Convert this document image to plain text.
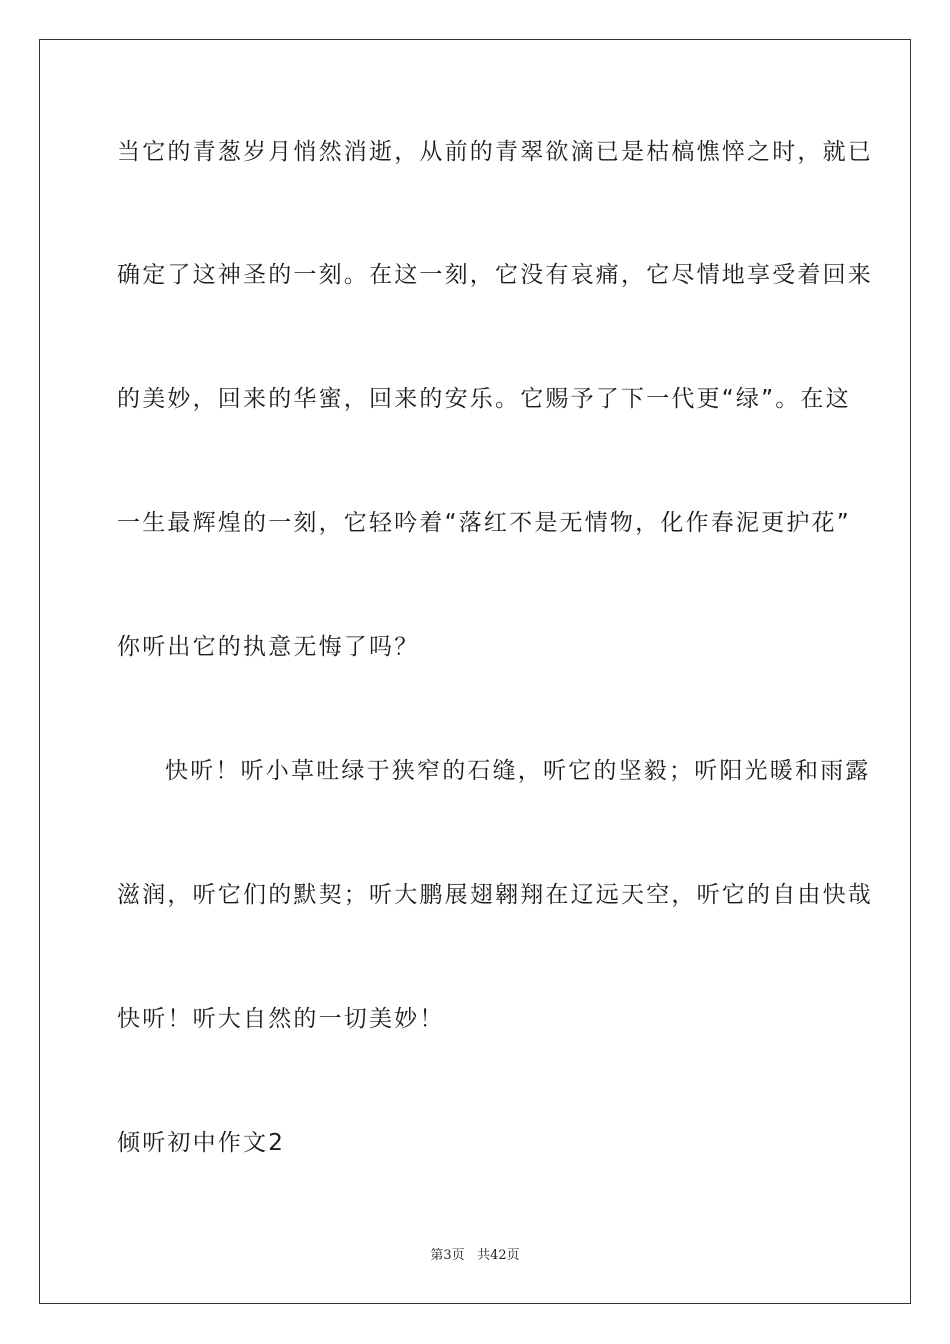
当它的青葱岁月悄然消逝，从前的青翠欲滴已是枯槁憔悴之时，就已
确定了这神圣的一刻。在这一刻，它没有哀痛，它尽情地享受着回来
的美妙，回来的华蜜，回来的安乐。它赐予了下一代更“绿”。在这
一生最辉煌的一刻，它轻吟着“落红不是无情物，化作春泥更护花”
你听出它的执意无悔了吗？
快听！听小草吐绿于狭窄的石缝，听它的坚毅；听阳光暖和雨露
滋润，听它们的默契；听大鹏展翅翱翔在辽远天空，听它的自由快哉
快听！听大自然的一切美妙！
倾听初中作文2
第3页 共42页
